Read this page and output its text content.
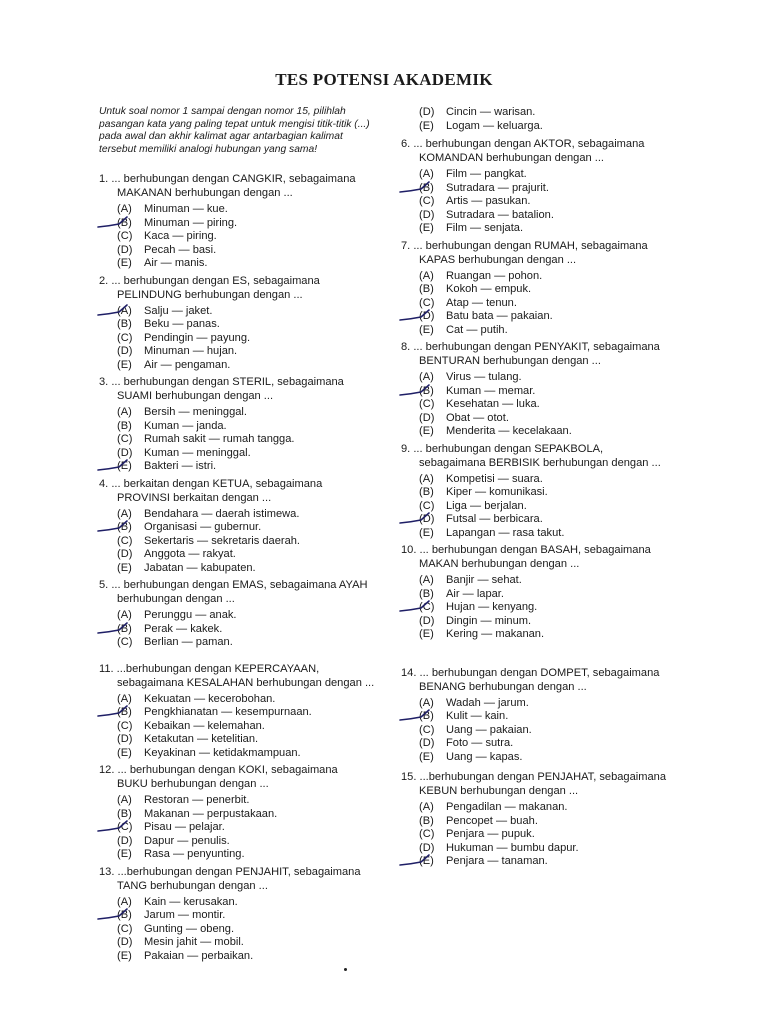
TES POTENSI AKADEMIK
Untuk soal nomor 1 sampai dengan nomor 15, pilihlah pasangan kata yang paling tepat untuk mengisi titik-titik (...) pada awal dan akhir kalimat agar antarbagian kalimat tersebut memiliki analogi hubungan yang sama!
1. ... berhubungan dengan CANGKIR, sebagaimana
MAKANAN berhubungan dengan ...
(A) Minuman — kue.
(B) Minuman — piring.
(C) Kaca — piring.
(D) Pecah — basi.
(E) Air — manis.
2. ... berhubungan dengan ES, sebagaimana
PELINDUNG berhubungan dengan ...
(A) Salju — jaket.
(B) Beku — panas.
(C) Pendingin — payung.
(D) Minuman — hujan.
(E) Air — pengaman.
3. ... berhubungan dengan STERIL, sebagaimana
SUAMI berhubungan dengan ...
(A) Bersih — meninggal.
(B) Kuman — janda.
(C) Rumah sakit — rumah tangga.
(D) Kuman — meninggal.
(E) Bakteri — istri.
4. ... berkaitan dengan KETUA, sebagaimana
PROVINSI berkaitan dengan ...
(A) Bendahara — daerah istimewa.
(B) Organisasi — gubernur.
(C) Sekertaris — sekretaris daerah.
(D) Anggota — rakyat.
(E) Jabatan — kabupaten.
5. ... berhubungan dengan EMAS, sebagaimana AYAH
berhubungan dengan ...
(A) Perunggu — anak.
(B) Perak — kakek.
(C) Berlian — paman.
11. ...berhubungan dengan KEPERCAYAAN,
sebagaimana KESALAHAN berhubungan dengan ...
(A) Kekuatan — kecerobohan.
(B) Pengkhianatan — kesempurnaan.
(C) Kebaikan — kelemahan.
(D) Ketakutan — ketelitian.
(E) Keyakinan — ketidakmampuan.
12. ... berhubungan dengan KOKI, sebagaimana
BUKU berhubungan dengan ...
(A) Restoran — penerbit.
(B) Makanan — perpustakaan.
(C) Pisau — pelajar.
(D) Dapur — penulis.
(E) Rasa — penyunting.
13. ...berhubungan dengan PENJAHIT, sebagaimana
TANG berhubungan dengan ...
(A) Kain — kerusakan.
(B) Jarum — montir.
(C) Gunting — obeng.
(D) Mesin jahit — mobil.
(E) Pakaian — perbaikan.
(D) Cincin — warisan.
(E) Logam — keluarga.
6. ... berhubungan dengan AKTOR, sebagaimana
KOMANDAN berhubungan dengan ...
(A) Film — pangkat.
(B) Sutradara — prajurit.
(C) Artis — pasukan.
(D) Sutradara — batalion.
(E) Film — senjata.
7. ... berhubungan dengan RUMAH, sebagaimana
KAPAS berhubungan dengan ...
(A) Ruangan — pohon.
(B) Kokoh — empuk.
(C) Atap — tenun.
(D) Batu bata — pakaian.
(E) Cat — putih.
8. ... berhubungan dengan PENYAKIT, sebagaimana
BENTURAN berhubungan dengan ...
(A) Virus — tulang.
(B) Kuman — memar.
(C) Kesehatan — luka.
(D) Obat — otot.
(E) Menderita — kecelakaan.
9. ... berhubungan dengan SEPAKBOLA,
sebagaimana BERBISIK berhubungan dengan ...
(A) Kompetisi — suara.
(B) Kiper — komunikasi.
(C) Liga — berjalan.
(D) Futsal — berbicara.
(E) Lapangan — rasa takut.
10. ... berhubungan dengan BASAH, sebagaimana
MAKAN berhubungan dengan ...
(A) Banjir — sehat.
(B) Air — lapar.
(C) Hujan — kenyang.
(D) Dingin — minum.
(E) Kering — makanan.
14. ... berhubungan dengan DOMPET, sebagaimana
BENANG berhubungan dengan ...
(A) Wadah — jarum.
(B) Kulit — kain.
(C) Uang — pakaian.
(D) Foto — sutra.
(E) Uang — kapas.
15. ...berhubungan dengan PENJAHAT, sebagaimana
KEBUN berhubungan dengan ...
(A) Pengadilan — makanan.
(B) Pencopet — buah.
(C) Penjara — pupuk.
(D) Hukuman — bumbu dapur.
(E) Penjara — tanaman.
